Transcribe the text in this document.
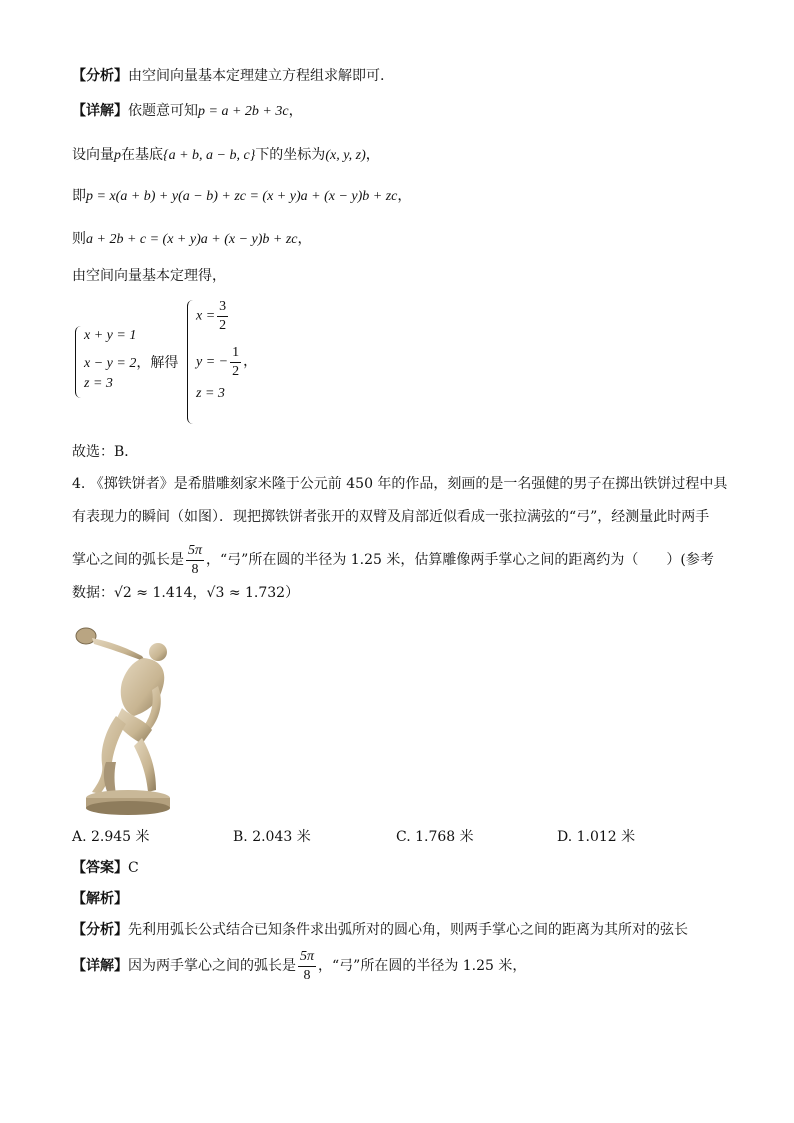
【分析】由空间向量基本定理建立方程组求解即可.
【详解】依题意可知p = a + 2b + 3c，
设向量p在基底{a + b, a − b, c}下的坐标为(x, y, z)，
即p = x(a + b) + y(a − b) + zc = (x + y)a + (x − y)b + zc，
则a + 2b + c = (x + y)a + (x − y)b + zc，
由空间向量基本定理得，
x + y = 1
x − y = 2，解得
z = 3
$x = \frac{3}{2}$
y = − $\frac{1}{2}$ ，
z = 3
故选：B．
4. 《掷铁饼者》是希腊雕刻家米隆于公元前 450 年的作品，刻画的是一名强健的男子在掷出铁饼过程中具
有表现力的瞬间（如图）．现把掷铁饼者张开的双臂及肩部近似看成一张拉满弦的“弓”，经测量此时两手
掌心之间的弧长是 $\frac{5\pi}{8}$ ，“弓”所在圆的半径为 1.25 米，估算雕像两手掌心之间的距离约为（　　）(参考
数据：√2 ≈ 1.414，√3 ≈ 1.732）
A. 2.945 米	B. 2.043 米	C. 1.768 米	D. 1.012 米
【答案】C
【解析】
【分析】先利用弧长公式结合已知条件求出弧所对的圆心角，则两手掌心之间的距离为其所对的弦长
【详解】因为两手掌心之间的弧长是 $\frac{5\pi}{8}$ ，“弓”所在圆的半径为 1.25 米，
